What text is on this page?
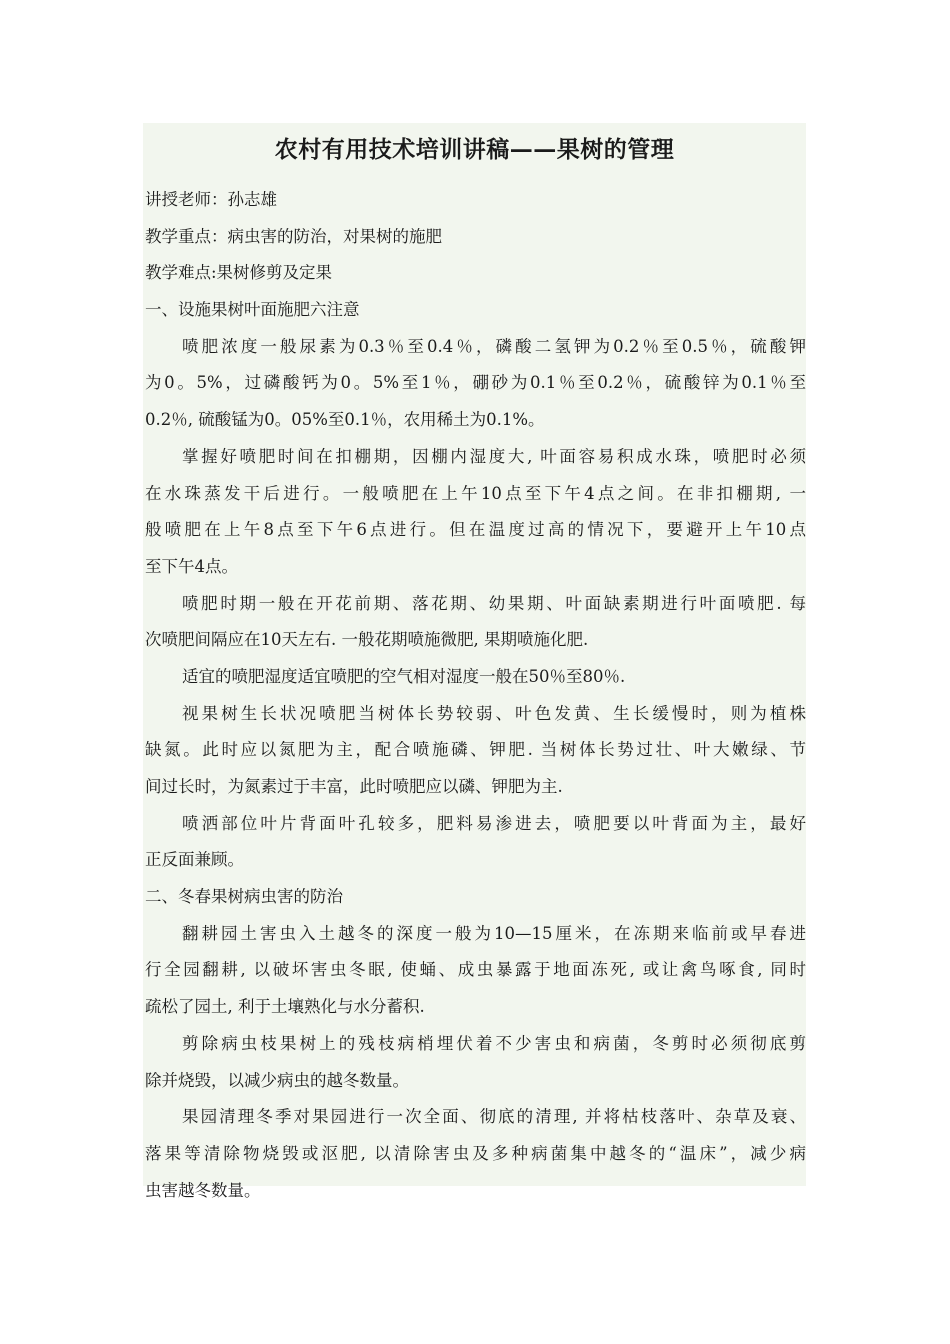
农村有用技术培训讲稿——果树的管理
讲授老师：孙志雄
教学重点：病虫害的防治，对果树的施肥
教学难点:果树修剪及定果
一、设施果树叶面施肥六注意
喷肥浓度一般尿素为0.3％至0.4％，磷酸二氢钾为0.2％至0.5％，硫酸钾
为0。5%，过磷酸钙为0。5%至1％，硼砂为0.1％至0.2％，硫酸锌为0.1％至
0.2％, 硫酸锰为0。05%至0.1％，农用稀土为0.1%。
掌握好喷肥时间在扣棚期，因棚内湿度大, 叶面容易积成水珠，喷肥时必须
在水珠蒸发干后进行。一般喷肥在上午10点至下午4点之间。在非扣棚期, 一
般喷肥在上午8点至下午6点进行。但在温度过高的情况下，要避开上午10点
至下午4点。
喷肥时期一般在开花前期、落花期、幼果期、叶面缺素期进行叶面喷肥. 每
次喷肥间隔应在10天左右. 一般花期喷施微肥, 果期喷施化肥.
适宜的喷肥湿度适宜喷肥的空气相对湿度一般在50％至80％.
视果树生长状况喷肥当树体长势较弱、叶色发黄、生长缓慢时，则为植株
缺氮。此时应以氮肥为主，配合喷施磷、钾肥. 当树体长势过壮、叶大嫩绿、节
间过长时，为氮素过于丰富，此时喷肥应以磷、钾肥为主.
喷洒部位叶片背面叶孔较多，肥料易渗进去，喷肥要以叶背面为主，最好
正反面兼顾。
二、冬春果树病虫害的防治
翻耕园土害虫入土越冬的深度一般为10—15厘米，在冻期来临前或早春进
行全园翻耕, 以破坏害虫冬眠, 使蛹、成虫暴露于地面冻死, 或让禽鸟啄食, 同时
疏松了园土, 利于土壤熟化与水分蓄积.
剪除病虫枝果树上的残枝病梢埋伏着不少害虫和病菌，冬剪时必须彻底剪
除并烧毁，以减少病虫的越冬数量。
果园清理冬季对果园进行一次全面、彻底的清理, 并将枯枝落叶、杂草及衰、
落果等清除物烧毁或沤肥, 以清除害虫及多种病菌集中越冬的“温床”，减少病
虫害越冬数量。
